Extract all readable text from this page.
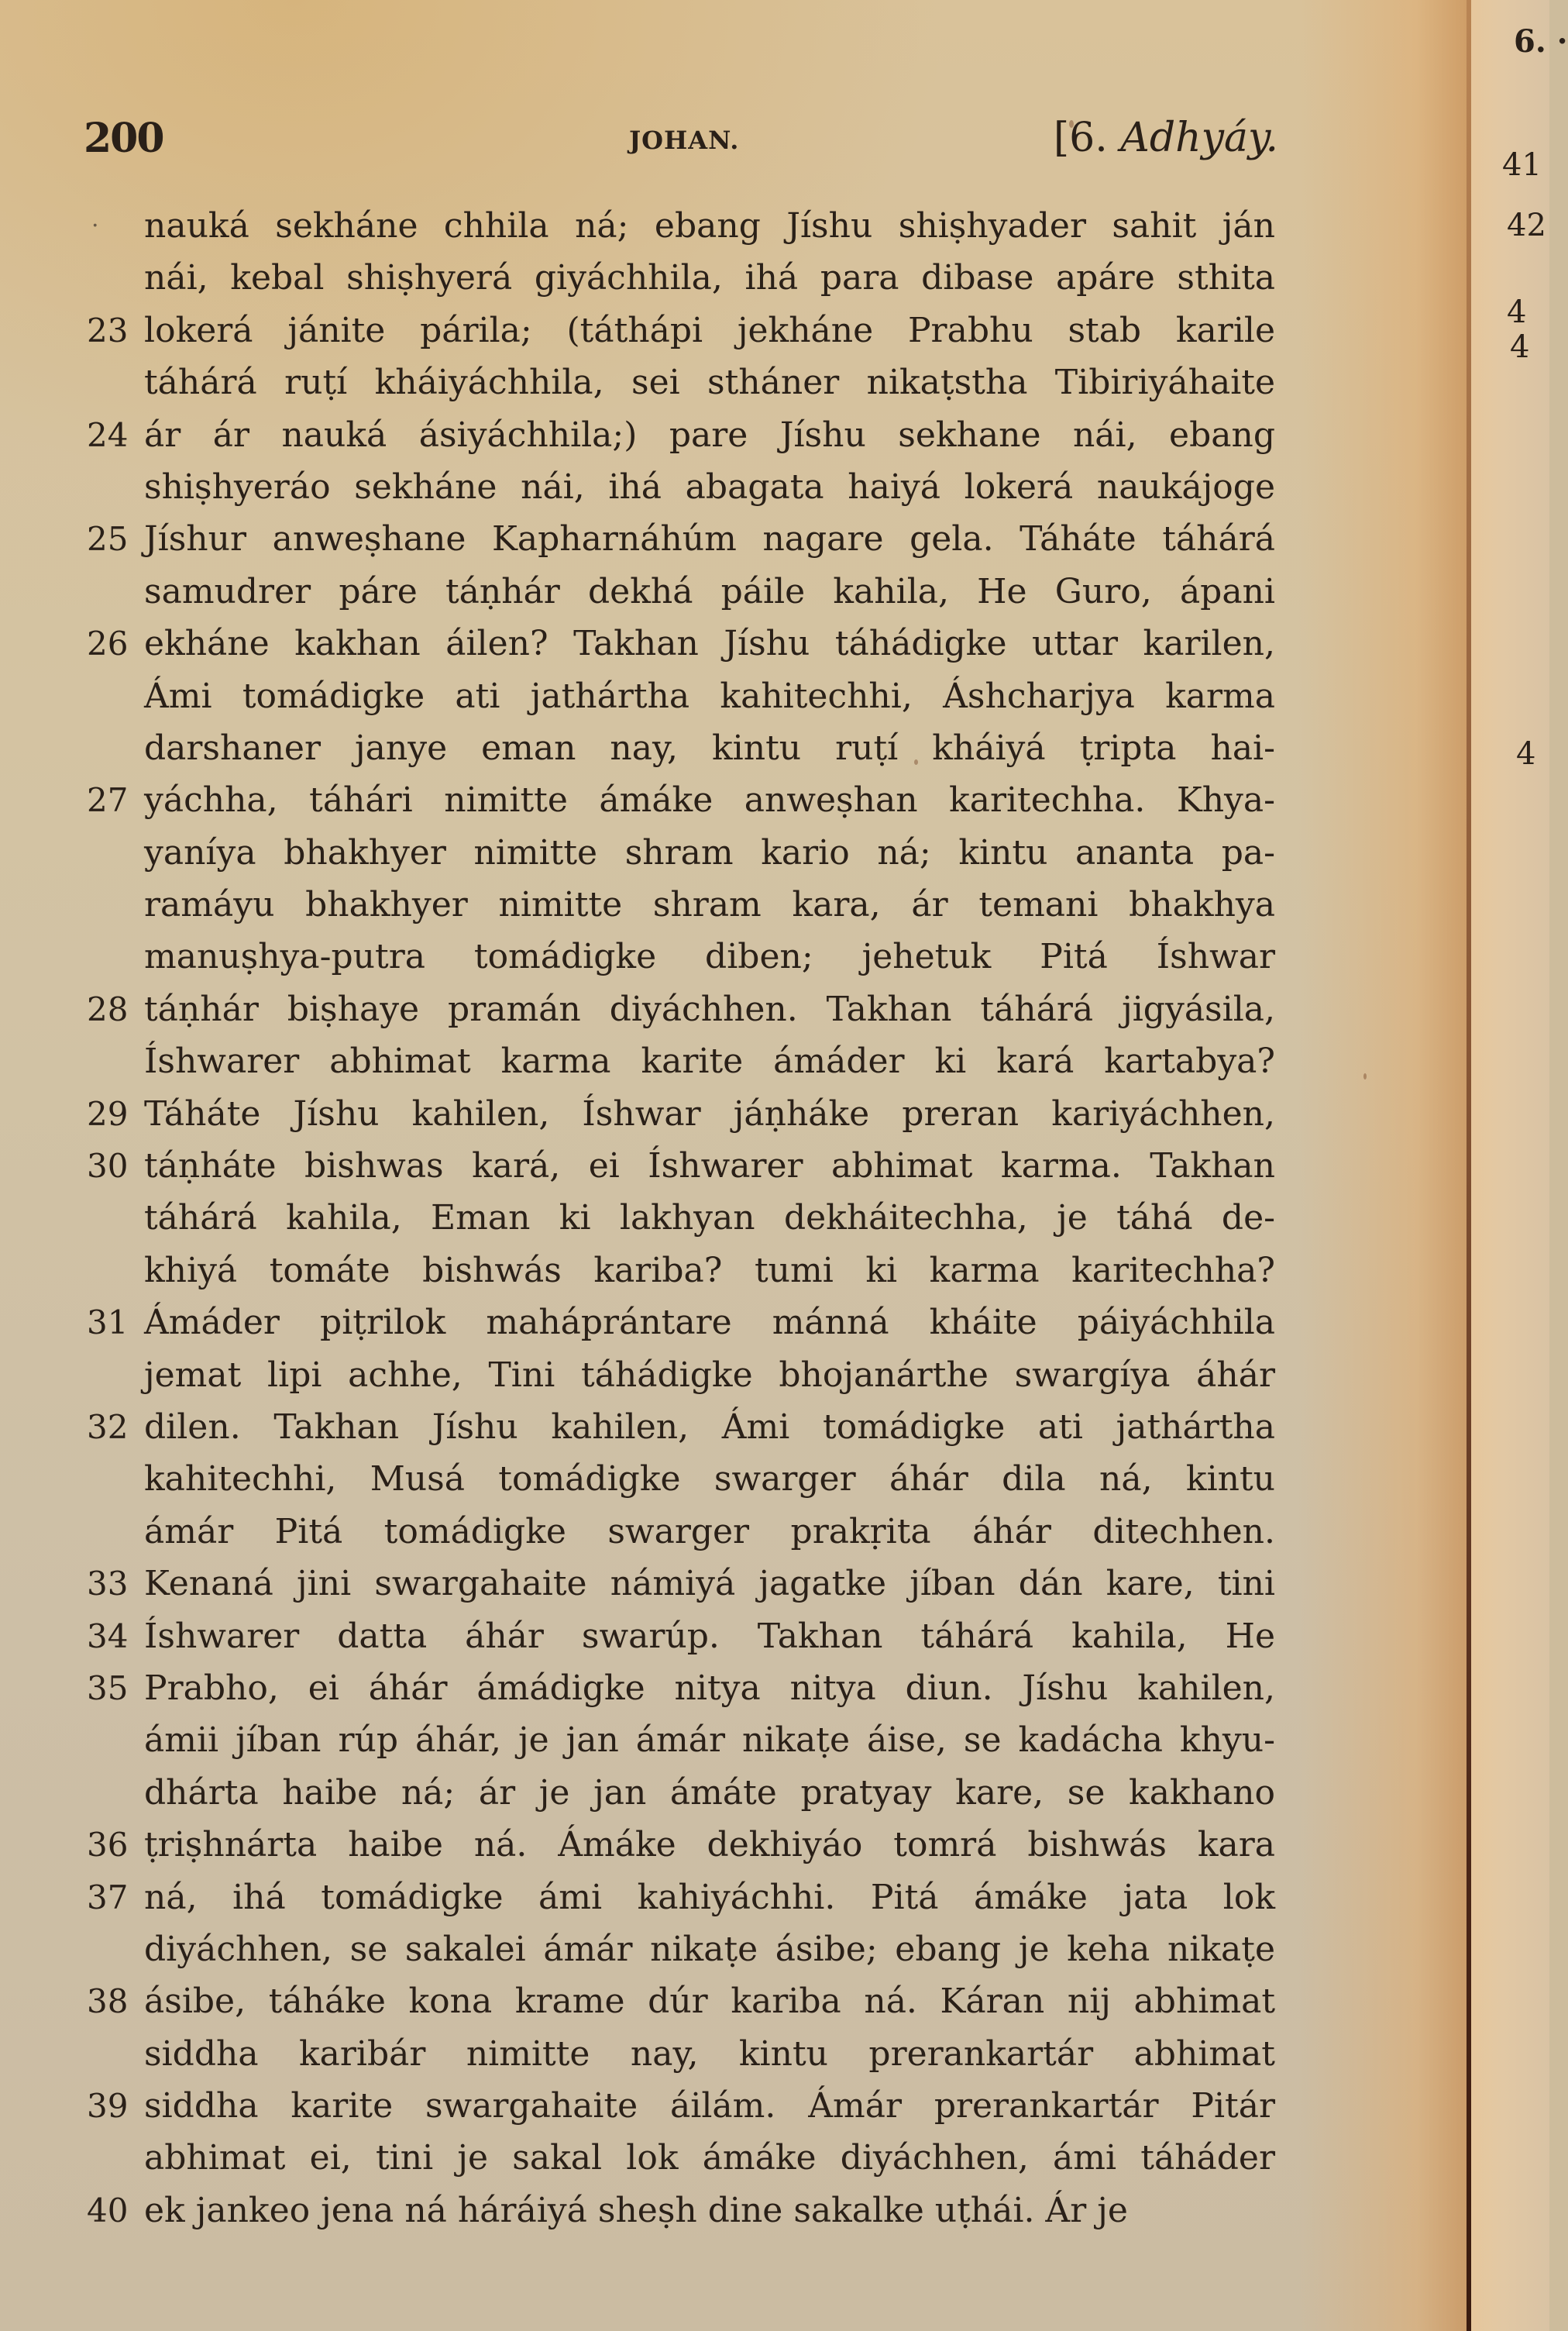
200	JOHAN.	[6. Adhyáy.
· nauká sekháne chhila ná; ebang Jíshu shiṣhyader sahit ján
nái, kebal shiṣhyerá giyáchhila, ihá para dibase apáre sthita
23 lokerá jánite párila; (táthápi jekháne Prabhu stab karile
táhárá ruṭí kháiyáchhila, sei stháner nikaṭstha Tibiriyáhaite
24 ár ár nauká ásiyáchhila;) pare Jíshu sekhane nái, ebang
shiṣhyeráo sekháne nái, ihá abagata haiyá lokerá naukájoge
25 Jíshur anweṣhane Kapharnáhúm nagare gela. Táháte táhárá
samudrer páre táṇhár dekhá páile kahila, He Guro, ápani
26 ekháne kakhan áilen? Takhan Jíshu táhádigke uttar karilen,
Ámi tomádigke ati jathártha kahitechhi, Áshcharjya karma
darshaner janye eman nay, kintu ruṭí kháiyá ṭripta hai-
27 yáchha, táhári nimitte ámáke anweṣhan karitechha. Khya-
yaníya bhakhyer nimitte shram kario ná; kintu ananta pa-
ramáyu bhakhyer nimitte shram kara, ár temani bhakhya
manuṣhya-putra tomádigke diben; jehetuk Pitá Íshwar
28 táṇhár biṣhaye pramán diyáchhen. Takhan táhárá jigyásila,
Íshwarer abhimat karma karite ámáder ki kará kartabya?
29 Táháte Jíshu kahilen, Íshwar jáṇháke preran kariyáchhen,
30 táṇháte bishwas kará, ei Íshwarer abhimat karma. Takhan
táhárá kahila, Eman ki lakhyan dekháitechha, je táhá de-
khiyá tomáte bishwás kariba? tumi ki karma karitechha?
31 Ámáder piṭrilok maháprántare mánná kháite páiyáchhila
jemat lipi achhe, Tini táhádigke bhojanárthe swargíya áhár
32 dilen. Takhan Jíshu kahilen, Ámi tomádigke ati jathártha
kahitechhi, Musá tomádigke swarger áhár dila ná, kintu
ámár Pitá tomádigke swarger prakṛita áhár ditechhen.
33 Kenaná jini swargahaite námiyá jagatke jíban dán kare, tini
34 Íshwarer datta áhár swarúp. Takhan táhárá kahila, He
35 Prabho, ei áhár ámádigke nitya nitya diun. Jíshu kahilen,
ámii jíban rúp áhár, je jan ámár nikaṭe áise, se kadácha khyu-
dhárta haibe ná; ár je jan ámáte pratyay kare, se kakhano
36 ṭriṣhnárta haibe ná. Ámáke dekhiyáo tomrá bishwás kara
37 ná, ihá tomádigke ámi kahiyáchhi. Pitá ámáke jata lok
diyáchhen, se sakalei ámár nikaṭe ásibe; ebang je keha nikaṭe
38 ásibe, táháke kona krame dúr kariba ná. Káran nij abhimat
siddha karibár nimitte nay, kintu prerankartár abhimat
39 siddha karite swargahaite áilám. Ámár prerankartár Pitár
abhimat ei, tini je sakal lok ámáke diyáchhen, ámi táháder
40 ek jankeo jena ná háráiyá sheṣh dine sakalke uṭhái. Ár je
6. ·
41
42
4
4
4
